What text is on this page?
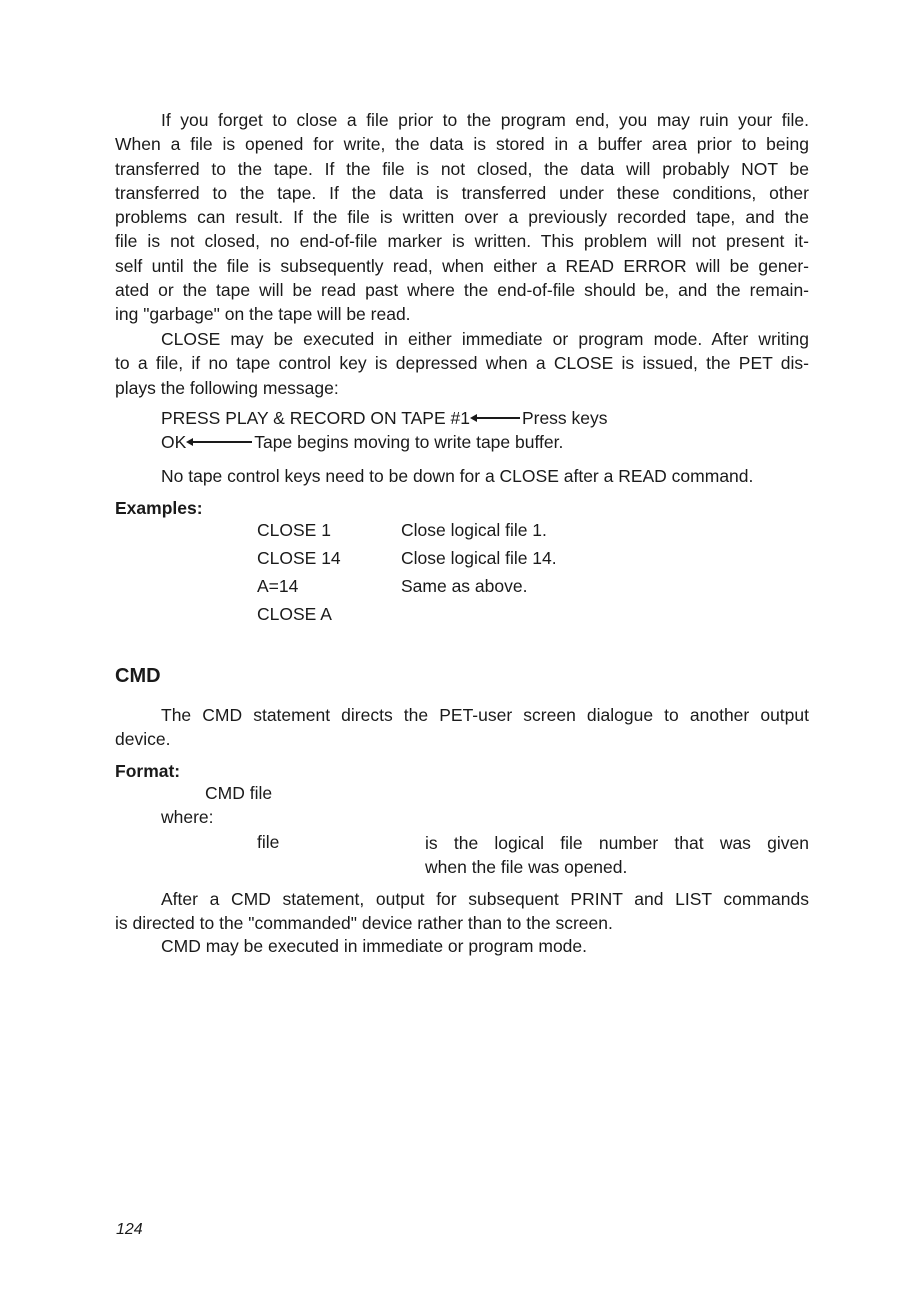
If you forget to close a file prior to the program end, you may ruin your file.
When a file is opened for write, the data is stored in a buffer area prior to being
transferred to the tape. If the file is not closed, the data will probably NOT be
transferred to the tape. If the data is transferred under these conditions, other
problems can result. If the file is written over a previously recorded tape, and the
file is not closed, no end-of-file marker is written. This problem will not present it-
self until the file is subsequently read, when either a READ ERROR will be gener-
ated or the tape will be read past where the end-of-file should be, and the remain-
ing "garbage" on the tape will be read.
CLOSE may be executed in either immediate or program mode. After writing
to a file, if no tape control key is depressed when a CLOSE is issued, the PET dis-
plays the following message:
PRESS PLAY & RECORD ON TAPE #1	Press keys
OK	Tape begins moving to write tape buffer.
No tape control keys need to be down for a CLOSE after a READ command.
Examples:
CLOSE 1	Close logical file 1.
CLOSE 14	Close logical file 14.
A=14	Same as above.
CLOSE A
CMD
The CMD statement directs the PET-user screen dialogue to another output
device.
Format:
CMD file
where:
file	is the logical file number that was given
when the file was opened.
After a CMD statement, output for subsequent PRINT and LIST commands
is directed to the "commanded" device rather than to the screen.
CMD may be executed in immediate or program mode.
124
